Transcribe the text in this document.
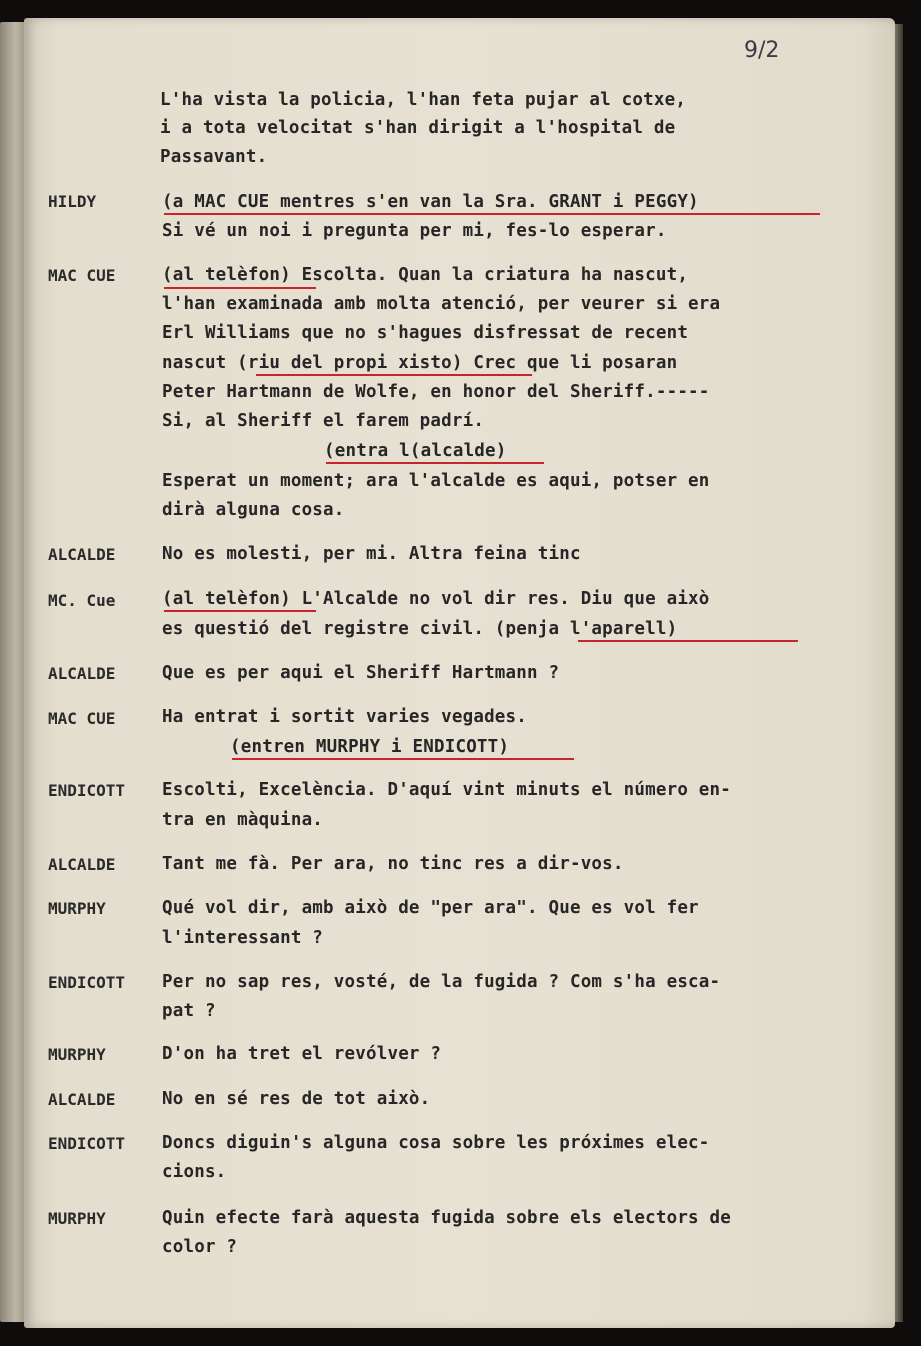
9/2

L'ha vista la policia, l'han feta pujar al cotxe,

i a tota velocitat s'han dirigit a l'hospital de

Passavant.

HILDY	(a MAC CUE mentres s'en van la Sra. GRANT i PEGGY)

Si vé un noi i pregunta per mi, fes-lo esperar.

MAC CUE	(al telèfon) Escolta. Quan la criatura ha nascut,

l'han examinada amb molta atenció, per veurer si era

Erl Williams que no s'hagues disfressat de recent

nascut (riu del propi xisto) Crec que li posaran

Peter Hartmann de Wolfe, en honor del Sheriff.-----

Si, al Sheriff el farem padrí.

(entra l(alcalde)

Esperat un moment; ara l'alcalde es aqui, potser en

dirà alguna cosa.

ALCALDE	No es molesti, per mi. Altra feina tinc

MC. Cue	(al telèfon) L'Alcalde no vol dir res. Diu que això

es questió del registre civil. (penja l'aparell)

ALCALDE	Que es per aqui el Sheriff Hartmann ?

MAC CUE	Ha entrat i sortit varies vegades.

(entren MURPHY i ENDICOTT)

ENDICOTT Escolti, Excelència. D'aquí vint minuts el número en-

tra en màquina.

ALCALDE	Tant me fà. Per ara, no tinc res a dir-vos.

MURPHY	Qué vol dir, amb això de "per ara". Que es vol fer

l'interessant ?

ENDICOTT Per no sap res, vosté, de la fugida ? Com s'ha esca-

pat ?

MURPHY	D'on ha tret el revólver ?

ALCALDE	No en sé res de tot això.

ENDICOTT Doncs diguin's alguna cosa sobre les próximes elec-

cions.

MURPHY	Quin efecte farà aquesta fugida sobre els electors de

color ?
